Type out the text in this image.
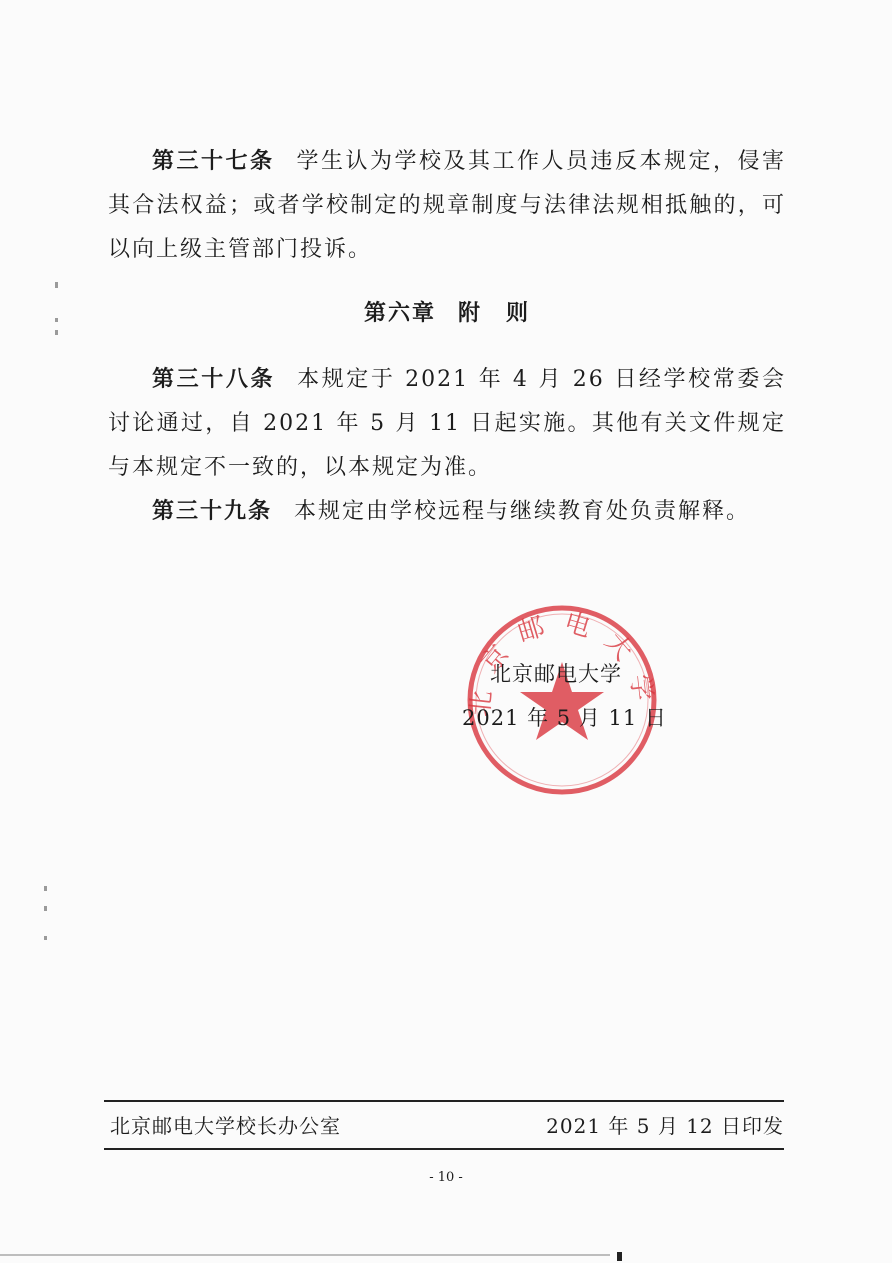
第三十七条 学生认为学校及其工作人员违反本规定，侵害其合法权益；或者学校制定的规章制度与法律法规相抵触的，可以向上级主管部门投诉。

第六章 附　则

第三十八条 本规定于 2021 年 4 月 26 日经学校常委会讨论通过，自 2021 年 5 月 11 日起实施。其他有关文件规定与本规定不一致的，以本规定为准。

第三十九条 本规定由学校远程与继续教育处负责解释。

北京邮电大学
北京邮电大学
2021 年 5 月 11 日
北京邮电大学校长办公室	2021 年 5 月 12 日印发
- 10 -
